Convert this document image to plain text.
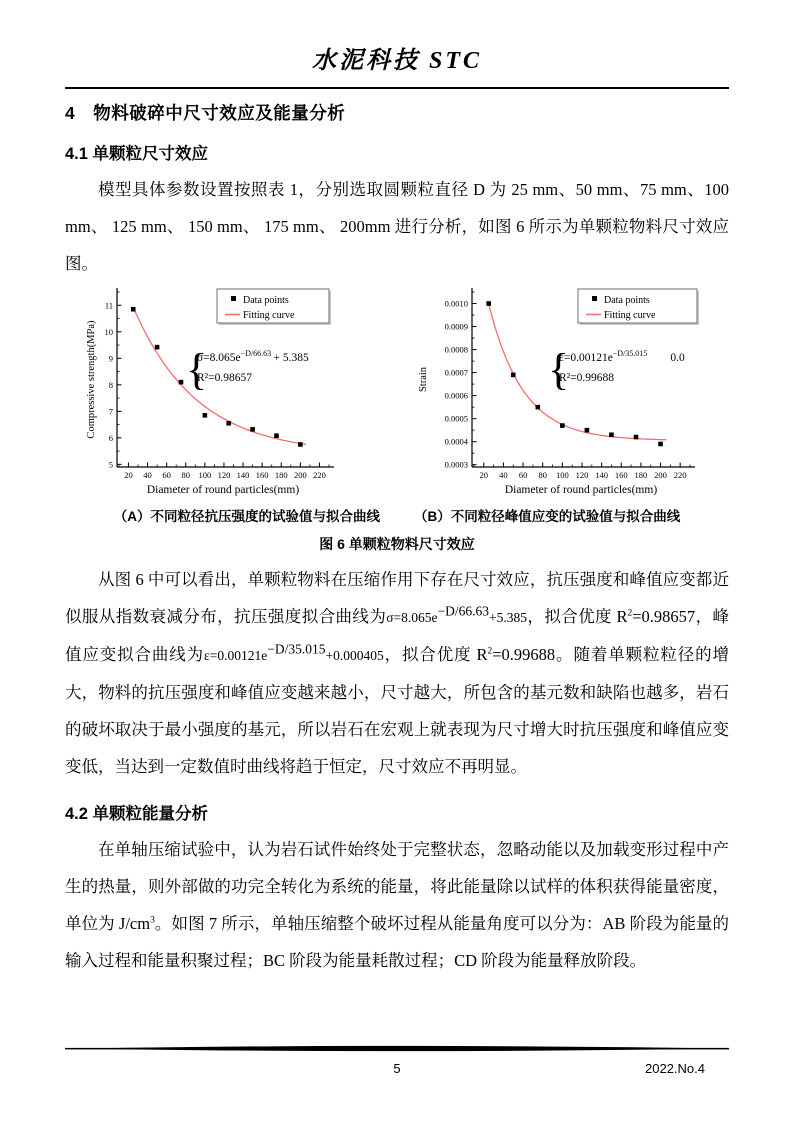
水泥科技 STC
4　物料破碎中尺寸效应及能量分析
4.1 单颗粒尺寸效应

模型具体参数设置按照表 1，分别选取圆颗粒直径 D 为 25 mm、50 mm、75 mm、100 mm、 125 mm、 150 mm、 175 mm、 200mm 进行分析，如图 6 所示为单颗粒物料尺寸效应图。

20 40 60 80 100 120 140 160 180 200 220
5
6
7
8
9
10
11
Diameter of round particles(mm)
Compressive strength(MPa)
Data points
Fitting curve
{
$\sigma=8.065e^{-D/66.63} + 5.385$
R²=0.98657
20 40 60 80 100 120 140 160 180 200 220
0.0003
0.0004
0.0005
0.0006
0.0007
0.0008
0.0009
0.0010
Diameter of round particles(mm)
Strain
Data points
Fitting curve
{
$\varepsilon=0.00121e^{-D/35.015}$  0.0
R²=0.99688
（A）不同粒径抗压强度的试验值与拟合曲线	（B）不同粒径峰值应变的试验值与拟合曲线
图 6 单颗粒物料尺寸效应

从图 6 中可以看出，单颗粒物料在压缩作用下存在尺寸效应，抗压强度和峰值应变都近似服从指数衰减分布，抗压强度拟合曲线为$\sigma=8.065e^{-D/66.63}+5.385$，拟合优度 $R^2=0.98657$，峰值应变拟合曲线为$\varepsilon=0.00121e^{-D/35.015}+0.000405$，拟合优度 $R^2=0.99688$。随着单颗粒粒径的增大，物料的抗压强度和峰值应变越来越小，尺寸越大，所包含的基元数和缺陷也越多，岩石的破坏取决于最小强度的基元，所以岩石在宏观上就表现为尺寸增大时抗压强度和峰值应变变低，当达到一定数值时曲线将趋于恒定，尺寸效应不再明显。

4.2 单颗粒能量分析

在单轴压缩试验中，认为岩石试件始终处于完整状态，忽略动能以及加载变形过程中产生的热量，则外部做的功完全转化为系统的能量，将此能量除以试样的体积获得能量密度，单位为 $J/cm^3$。如图 7 所示，单轴压缩整个破坏过程从能量角度可以分为：AB 阶段为能量的输入过程和能量积聚过程；BC 阶段为能量耗散过程；CD 阶段为能量释放阶段。

5	2022.No.4
